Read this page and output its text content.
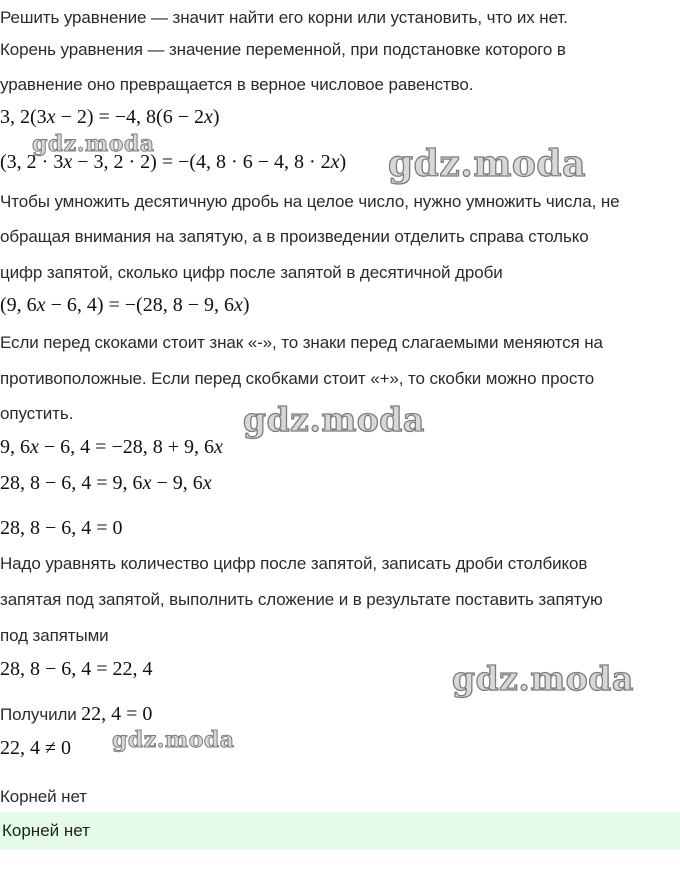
Решить уравнение — значит найти его корни или установить, что их нет.
Корень уравнения — значение переменной, при подстановке которого в
уравнение оно превращается в верное числовое равенство.
3, 2(3x − 2) = −4, 8(6 − 2x)
gdz.moda
(3, 2 · 3x − 3, 2 · 2) = −(4, 8 · 6 − 4, 8 · 2x) gdz.moda
Чтобы умножить десятичную дробь на целое число, нужно умножить числа, не
обращая внимания на запятую, а в произведении отделить справа столько
цифр запятой, сколько цифр после запятой в десятичной дроби
(9, 6x − 6, 4) = −(28, 8 − 9, 6x)
Если перед скоками стоит знак «-», то знаки перед слагаемыми меняются на
противоположные. Если перед скобками стоит «+», то скобки можно просто
опустить.	gdz.moda
9, 6x − 6, 4 = −28, 8 + 9, 6x
28, 8 − 6, 4 = 9, 6x − 9, 6x
28, 8 − 6, 4 = 0
Надо уравнять количество цифр после запятой, записать дроби столбиков
запятая под запятой, выполнить сложение и в результате поставить запятую
под запятыми
28, 8 − 6, 4 = 22, 4	gdz.moda
Получили 22, 4 = 0
22, 4 ≠ 0 gdz.moda
Корней нет
Корней нет
